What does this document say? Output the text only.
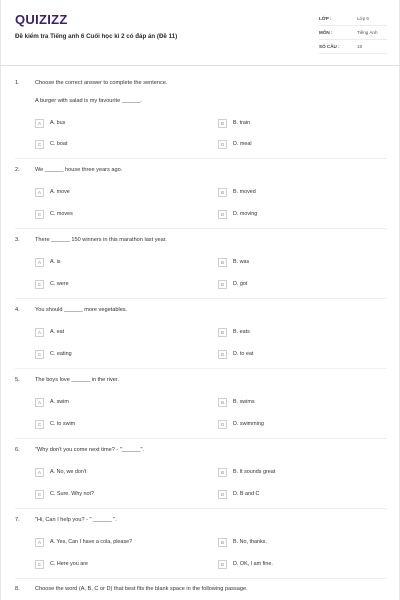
QUIZIZZ
Đề kiểm tra Tiếng anh 6 Cuối học kì 2 có đáp án (Đề 11)
LỚP :	Lớp 6
MÔN :	Tiếng Anh
SỐ CÂU :	15
1.	Choose the correct answer to complete the sentence.
A burger with salad is my favourite ______.
A	A. bus	B	B. train
C	C. boat	D	D. meal
2.	We ______ house three years ago.
A	A. move	B	B. moved
C	C. moves	D	D. moving
3.	There ______ 150 winners in this marathon last year.
A	A. is	B	B. was
C	C. were	D	D. got
4.	You should ______ more vegetables.
A	A. eat	B	B. eats
C	C. eating	D	D. to eat
5.	The boys love ______ in the river.
A	A. swim	B	B. swims
C	C. to swim	D	D. swimming
6.	"Why don't you come next time? - "______".
A	A. No, we don't	B	B. It sounds great
C	C. Sure. Why not?	D	D. B and C
7.	"Hi, Can I help you? - " ______ ".
A	A. Yes, Can I have a cola, please?	B	B. No, thanks.
C	C. Here you are	D	D. OK, I am fine.
8.	Choose the word (A, B, C or D) that best fits the blank space in the following passage.
